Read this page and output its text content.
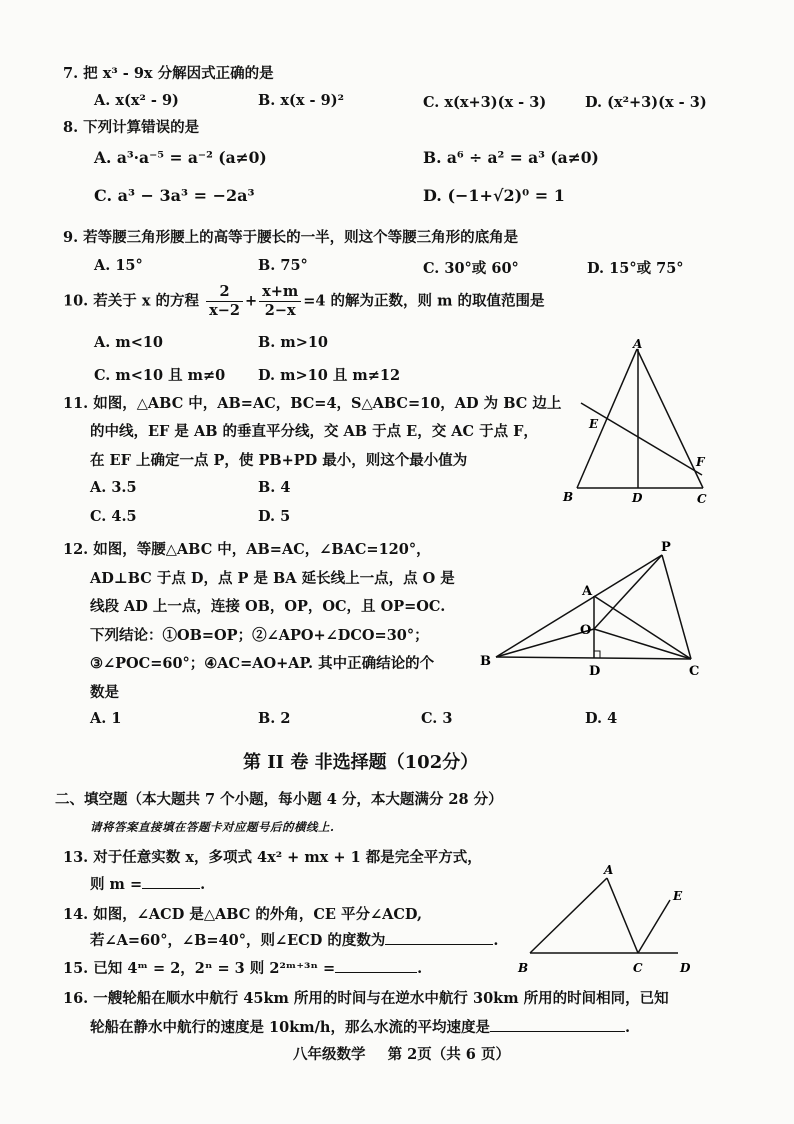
7. 把 x³ - 9x 分解因式正确的是
A. x(x² - 9)	B. x(x - 9)²	C. x(x+3)(x - 3)	D. (x²+3)(x - 3)
8. 下列计算错误的是
A. a³·a⁻⁵ = a⁻² (a≠0)	B. a⁶ ÷ a² = a³ (a≠0)
C. a³ − 3a³ = −2a³	D. (−1+√2)⁰ = 1
9. 若等腰三角形腰上的高等于腰长的一半，则这个等腰三角形的底角是
A. 15°	B. 75°	C. 30°或 60°	D. 15°或 75°
10. 若关于 x 的方程 $\frac{2}{x-2} + \frac{x+m}{2-x} =4$ 的解为正数，则 m 的取值范围是
A. m<10	B. m>10
C. m<10 且 m≠0 D. m>10 且 m≠12
11. 如图，△ABC 中，AB=AC，BC=4，S△ABC=10，AD 为 BC 边上
的中线，EF 是 AB 的垂直平分线，交 AB 于点 E，交 AC 于点 F，
在 EF 上确定一点 P，使 PB+PD 最小，则这个最小值为
A. 3.5	B. 4
C. 4.5	D. 5
A
B	C
D
E
F
12. 如图，等腰△ABC 中，AB=AC，∠BAC=120°，
AD⊥BC 于点 D，点 P 是 BA 延长线上一点，点 O 是
线段 AD 上一点，连接 OB，OP，OC，且 OP=OC.
下列结论：①OB=OP；②∠APO+∠DCO=30°；
③∠POC=60°；④AC=AO+AP. 其中正确结论的个
数是
A. 1	B. 2	C. 3	D. 4
P
A
O
B
C
D
第 II 卷 非选择题（102分）
二、填空题（本大题共 7 个小题，每小题 4 分，本大题满分 28 分）
请将答案直接填在答题卡对应题号后的横线上.
13. 对于任意实数 x，多项式 4x² + mx + 1 都是完全平方式，
则 m =	.
14. 如图，∠ACD 是△ABC 的外角，CE 平分∠ACD,
若∠A=60°，∠B=40°，则∠ECD 的度数为	.
A
B	C	D
E
15. 已知 4ᵐ = 2，2ⁿ = 3 则 2²ᵐ⁺³ⁿ =	.
16. 一艘轮船在顺水中航行 45km 所用的时间与在逆水中航行 30km 所用的时间相同，已知
轮船在静水中航行的速度是 10km/h，那么水流的平均速度是	.
八年级数学 第 2页（共 6 页）
